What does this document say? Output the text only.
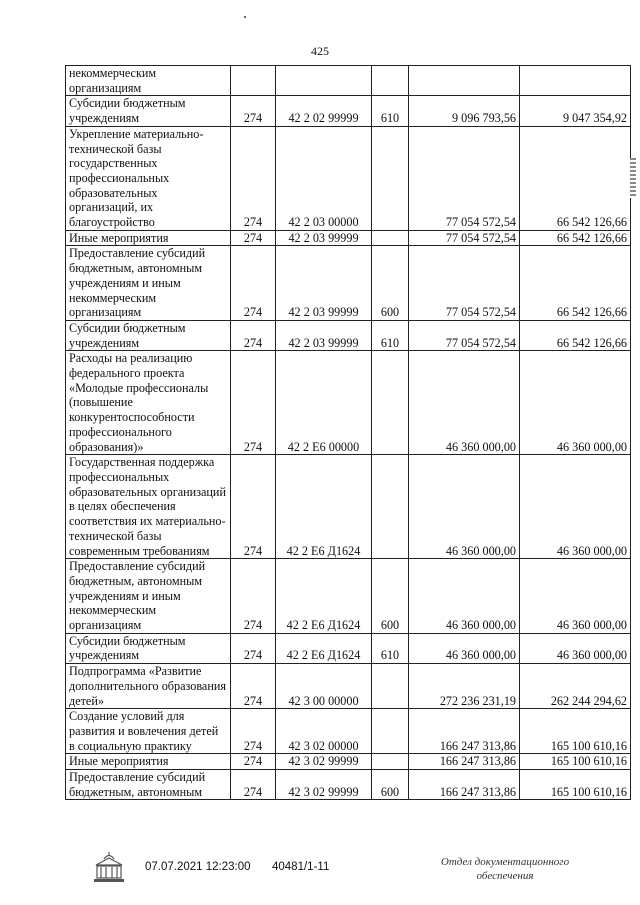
425
некоммерческим организациям					
Субсидии бюджетным учреждениям	274	42 2 02 99999	610	9 096 793,56	9 047 354,92
Укрепление материально-технической базы государственных профессиональных образовательных организаций, их благоустройство	274	42 2 03 00000		77 054 572,54	66 542 126,66
Иные мероприятия	274	42 2 03 99999		77 054 572,54	66 542 126,66
Предоставление субсидий бюджетным, автономным учреждениям и иным некоммерческим организациям	274	42 2 03 99999	600	77 054 572,54	66 542 126,66
Субсидии бюджетным учреждениям	274	42 2 03 99999	610	77 054 572,54	66 542 126,66
Расходы на реализацию федерального проекта «Молодые профессионалы (повышение конкурентоспособности профессионального образования)»	274	42 2 Е6 00000		46 360 000,00	46 360 000,00
Государственная поддержка профессиональных образовательных организаций в целях обеспечения соответствия их материально-технической базы современным требованиям	274	42 2 Е6 Д1624		46 360 000,00	46 360 000,00
Предоставление субсидий бюджетным, автономным учреждениям и иным некоммерческим организациям	274	42 2 Е6 Д1624	600	46 360 000,00	46 360 000,00
Субсидии бюджетным учреждениям	274	42 2 Е6 Д1624	610	46 360 000,00	46 360 000,00
Подпрограмма «Развитие дополнительного образования детей»	274	42 3 00 00000		272 236 231,19	262 244 294,62
Создание условий для развития и вовлечения детей в социальную практику	274	42 3 02 00000		166 247 313,86	165 100 610,16
Иные мероприятия	274	42 3 02 99999		166 247 313,86	165 100 610,16
Предоставление субсидий бюджетным, автономным	274	42 3 02 99999	600	166 247 313,86	165 100 610,16
07.07.2021 12:23:00 40481/1-11	Отдел документационного обеспечения
